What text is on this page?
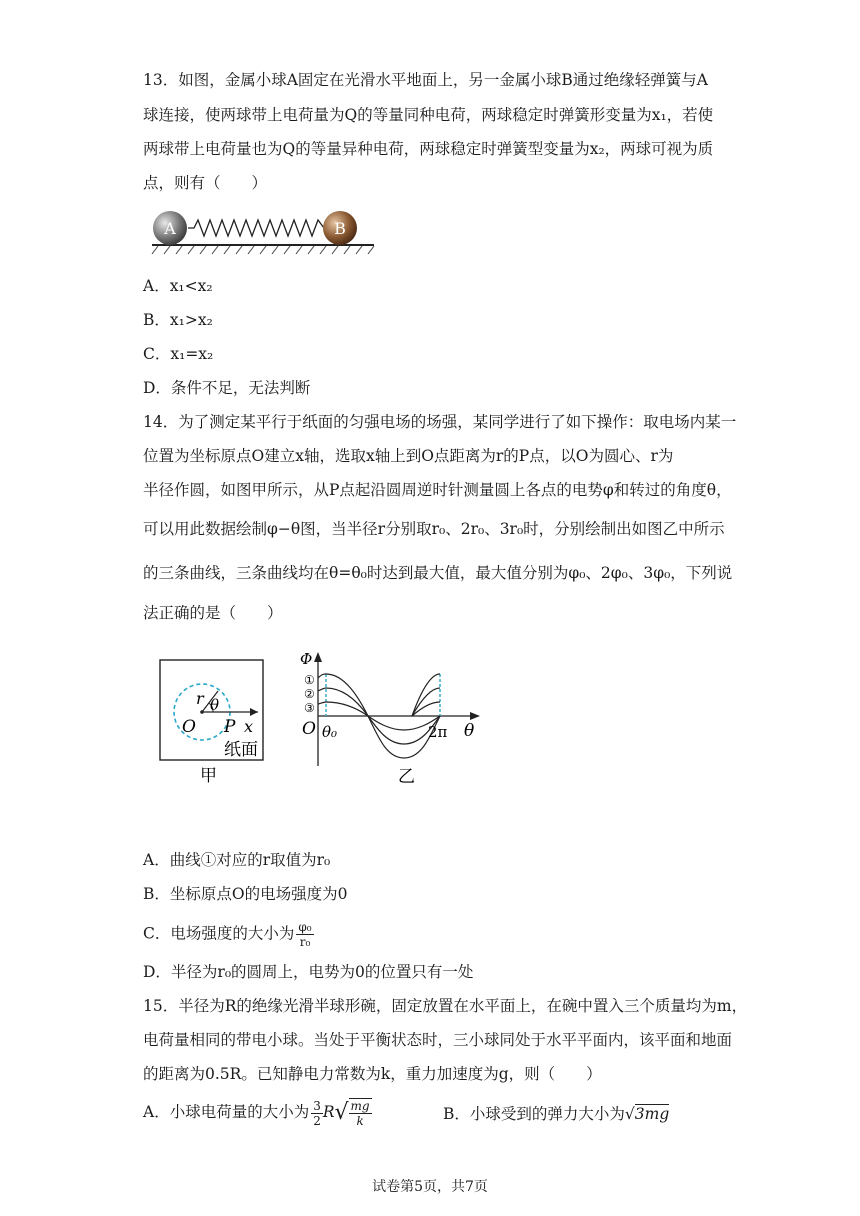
13．如图，金属小球A固定在光滑水平地面上，另一金属小球B通过绝缘轻弹簧与A
球连接，使两球带上电荷量为Q的等量同种电荷，两球稳定时弹簧形变量为x₁，若使
两球带上电荷量也为Q的等量异种电荷，两球稳定时弹簧型变量为x₂，两球可视为质
点，则有（　　）
A	B
A．x₁<x₂
B．x₁>x₂
C．x₁=x₂
D．条件不足，无法判断
14．为了测定某平行于纸面的匀强电场的场强，某同学进行了如下操作：取电场内某一
位置为坐标原点O建立x轴，选取x轴上到O点距离为r的P点，以O为圆心、r为
半径作圆，如图甲所示，从P点起沿圆周逆时针测量圆上各点的电势φ和转过的角度θ，
可以用此数据绘制φ−θ图，当半径r分别取r₀、2r₀、3r₀时，分别绘制出如图乙中所示
的三条曲线，三条曲线均在θ=θ₀时达到最大值，最大值分别为φ₀、2φ₀、3φ₀，下列说
法正确的是（　　）
r θ
O P x
纸面
甲
Φ
①
②
③
O θ₀	2π θ
乙
A．曲线①对应的r取值为r₀
B．坐标原点O的电场强度为0
C．电场强度的大小为 $\frac{\text{φ₀}}{\text{r₀}}$
D．半径为r₀的圆周上，电势为0的位置只有一处
15．半径为R的绝缘光滑半球形碗，固定放置在水平面上，在碗中置入三个质量均为m，
电荷量相同的带电小球。当处于平衡状态时，三小球同处于水平平面内，该平面和地面
的距离为0.5R。已知静电力常数为k，重力加速度为g，则（　　）
A．小球电荷量的大小为 $\frac{3}{2} R√ \frac{mg}{k}$	B．小球受到的弹力大小为√3mg
试卷第5页，共7页
